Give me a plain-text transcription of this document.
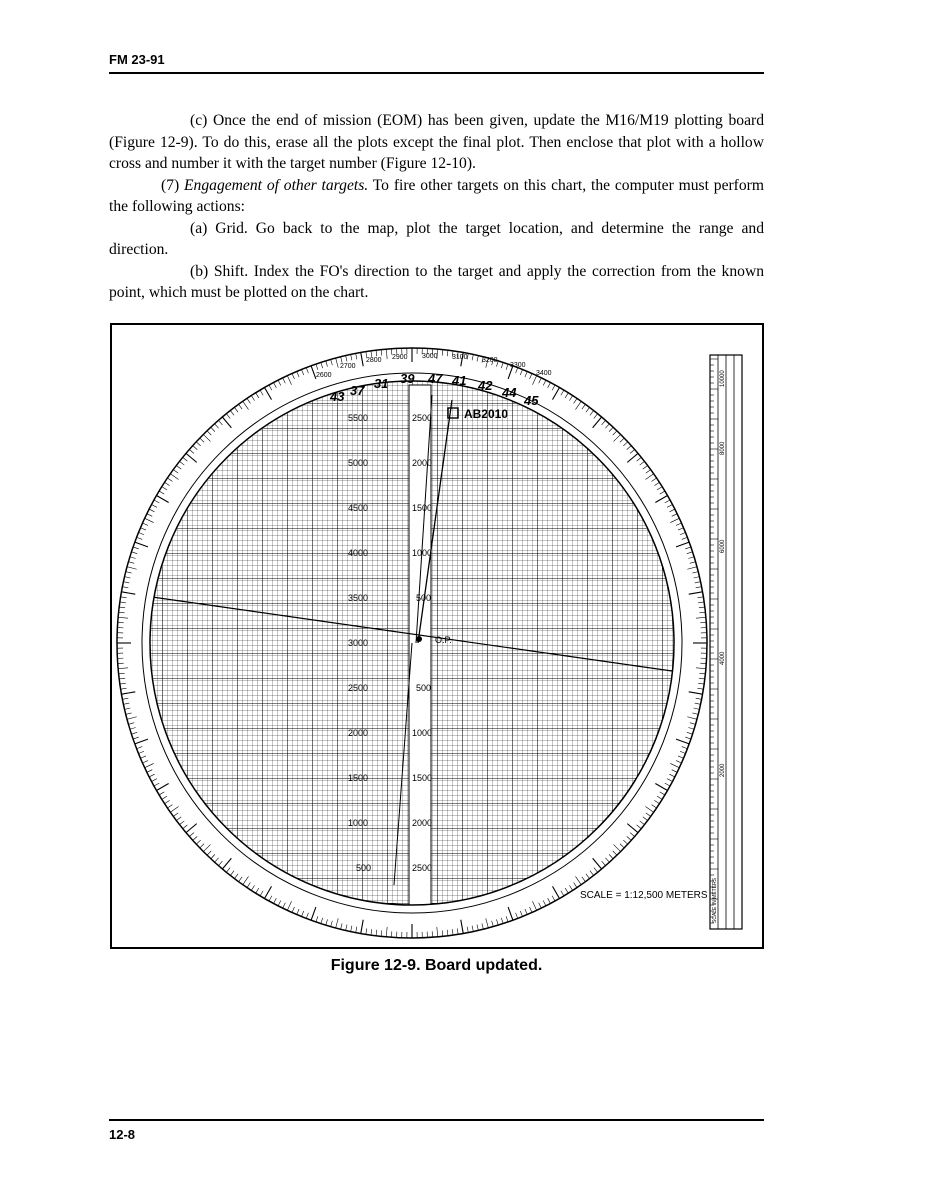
FM 23-91

(c) Once the end of mission (EOM) has been given, update the M16/M19 plotting board (Figure 12-9). To do this, erase all the plots except the final plot. Then enclose that plot with a hollow cross and number it with the target number (Figure 12-10).

(7) Engagement of other targets. To fire other targets on this chart, the computer must perform the following actions:

(a) Grid. Go back to the map, plot the target location, and determine the range and direction.

(b) Shift. Index the FO's direction to the target and apply the correction from the known point, which must be plotted on the chart.

O.P.
AB2010
5500
5000
4500
4000
3500
3000
2500
2000
1500
1000
500
2500
2000
1500
1000
500
500
1000
1500
2000
2500
2800 2900 3000 3100 3200
3300
3400
2700
2600
43 37 31 39 47 41 42 44
45
SCALE = 1:12,500 METERS
10000
8000
6000
4000
2000
SCALE IN METERS
Figure 12-9. Board updated.
12-8
